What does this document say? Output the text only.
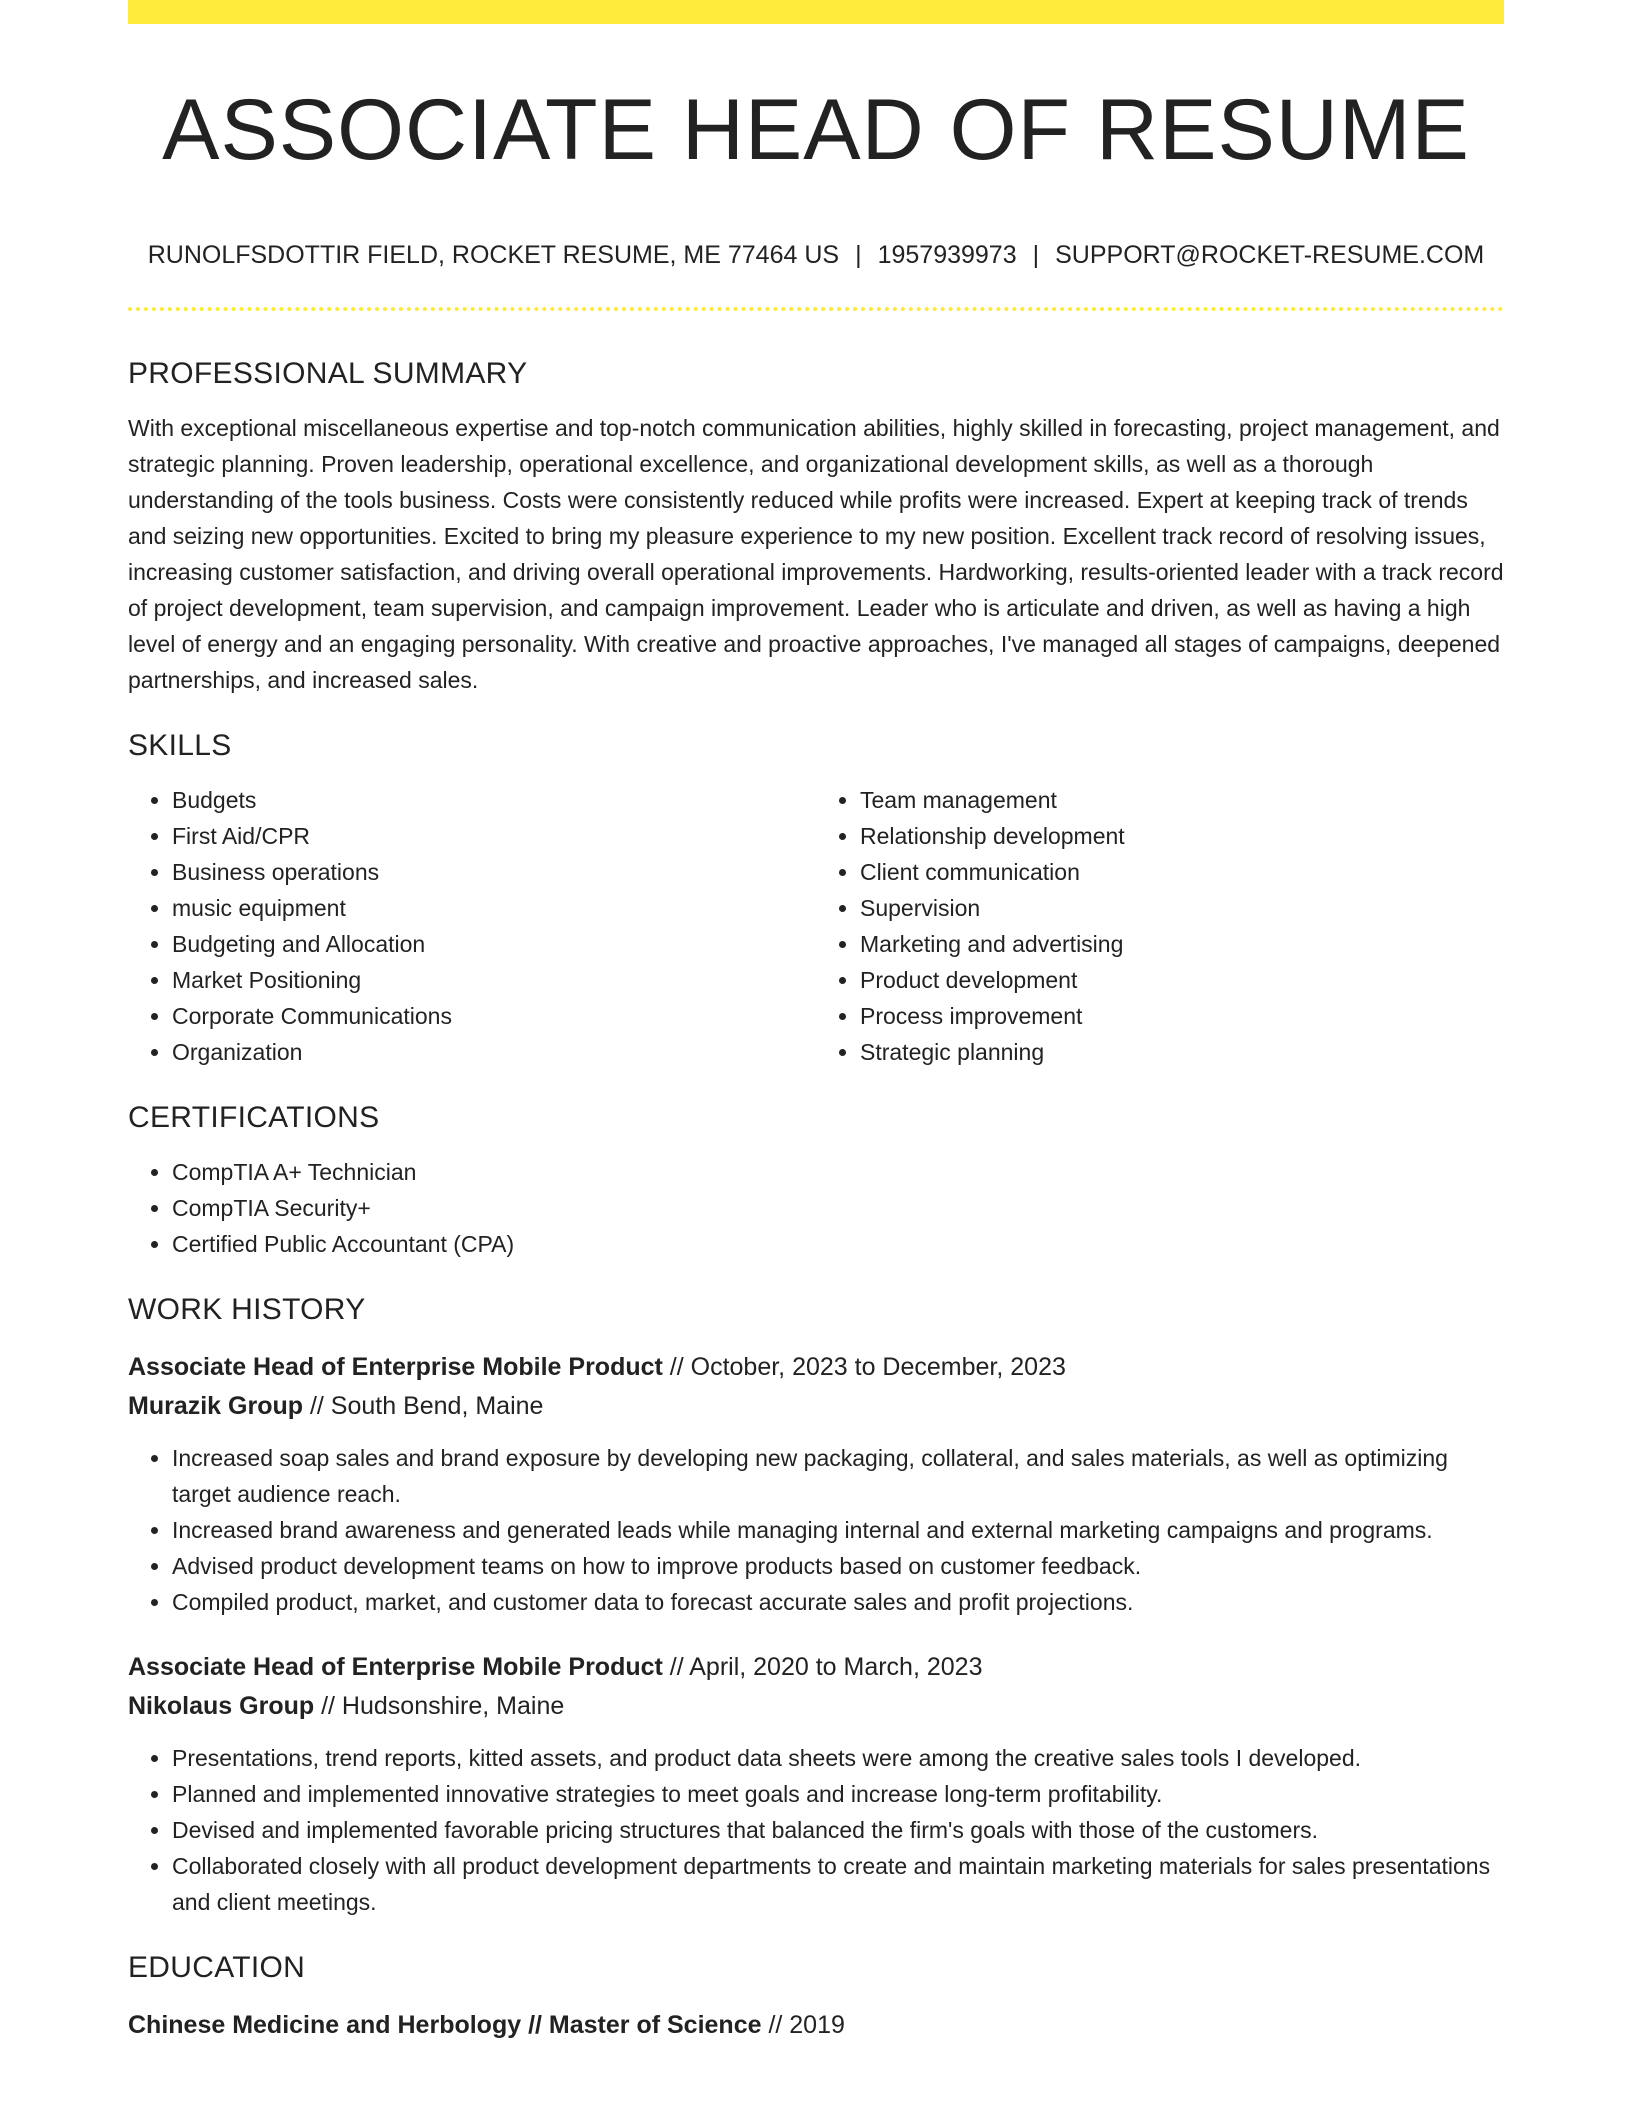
ASSOCIATE HEAD OF RESUME
RUNOLFSDOTTIR FIELD, ROCKET RESUME, ME 77464 US | 1957939973 | SUPPORT@ROCKET-RESUME.COM
PROFESSIONAL SUMMARY

With exceptional miscellaneous expertise and top-notch communication abilities, highly skilled in forecasting, project management, and strategic planning. Proven leadership, operational excellence, and organizational development skills, as well as a thorough understanding of the tools business. Costs were consistently reduced while profits were increased. Expert at keeping track of trends and seizing new opportunities. Excited to bring my pleasure experience to my new position. Excellent track record of resolving issues, increasing customer satisfaction, and driving overall operational improvements. Hardworking, results-oriented leader with a track record of project development, team supervision, and campaign improvement. Leader who is articulate and driven, as well as having a high level of energy and an engaging personality. With creative and proactive approaches, I've managed all stages of campaigns, deepened partnerships, and increased sales.

SKILLS
• Budgets
• First Aid/CPR
• Business operations
• music equipment
• Budgeting and Allocation
• Market Positioning
• Corporate Communications
• Organization
• Team management
• Relationship development
• Client communication
• Supervision
• Marketing and advertising
• Product development
• Process improvement
• Strategic planning
CERTIFICATIONS
• CompTIA A+ Technician
• CompTIA Security+
• Certified Public Accountant (CPA)
WORK HISTORY
Associate Head of Enterprise Mobile Product // October, 2023 to December, 2023
Murazik Group // South Bend, Maine
• Increased soap sales and brand exposure by developing new packaging, collateral, and sales materials, as well as optimizing target audience reach.
• Increased brand awareness and generated leads while managing internal and external marketing campaigns and programs.
• Advised product development teams on how to improve products based on customer feedback.
• Compiled product, market, and customer data to forecast accurate sales and profit projections.
Associate Head of Enterprise Mobile Product // April, 2020 to March, 2023
Nikolaus Group // Hudsonshire, Maine
• Presentations, trend reports, kitted assets, and product data sheets were among the creative sales tools I developed.
• Planned and implemented innovative strategies to meet goals and increase long-term profitability.
• Devised and implemented favorable pricing structures that balanced the firm's goals with those of the customers.
• Collaborated closely with all product development departments to create and maintain marketing materials for sales presentations and client meetings.
EDUCATION
Chinese Medicine and Herbology // Master of Science // 2019
